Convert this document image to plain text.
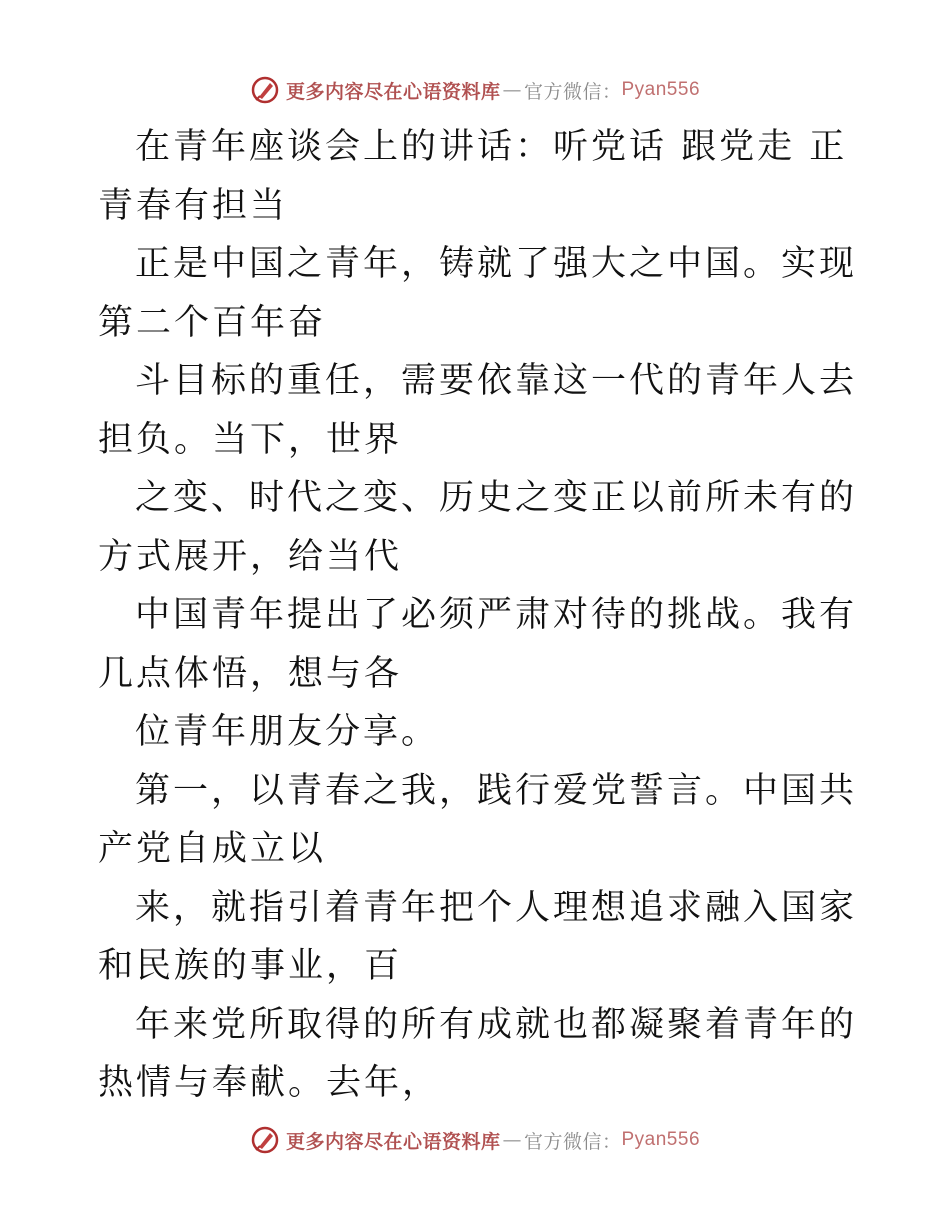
更多内容尽在心语资料库 — 官方微信： Pyan556

在青年座谈会上的讲话：听党话 跟党走 正青春有担当

正是中国之青年，铸就了强大之中国。实现第二个百年奋

斗目标的重任，需要依靠这一代的青年人去担负。当下，世界

之变、时代之变、历史之变正以前所未有的方式展开，给当代

中国青年提出了必须严肃对待的挑战。我有几点体悟，想与各

位青年朋友分享。

第一，以青春之我，践行爱党誓言。中国共产党自成立以

来，就指引着青年把个人理想追求融入国家和民族的事业，百

年来党所取得的所有成就也都凝聚着青年的热情与奉献。去年，

更多内容尽在心语资料库 — 官方微信： Pyan556
